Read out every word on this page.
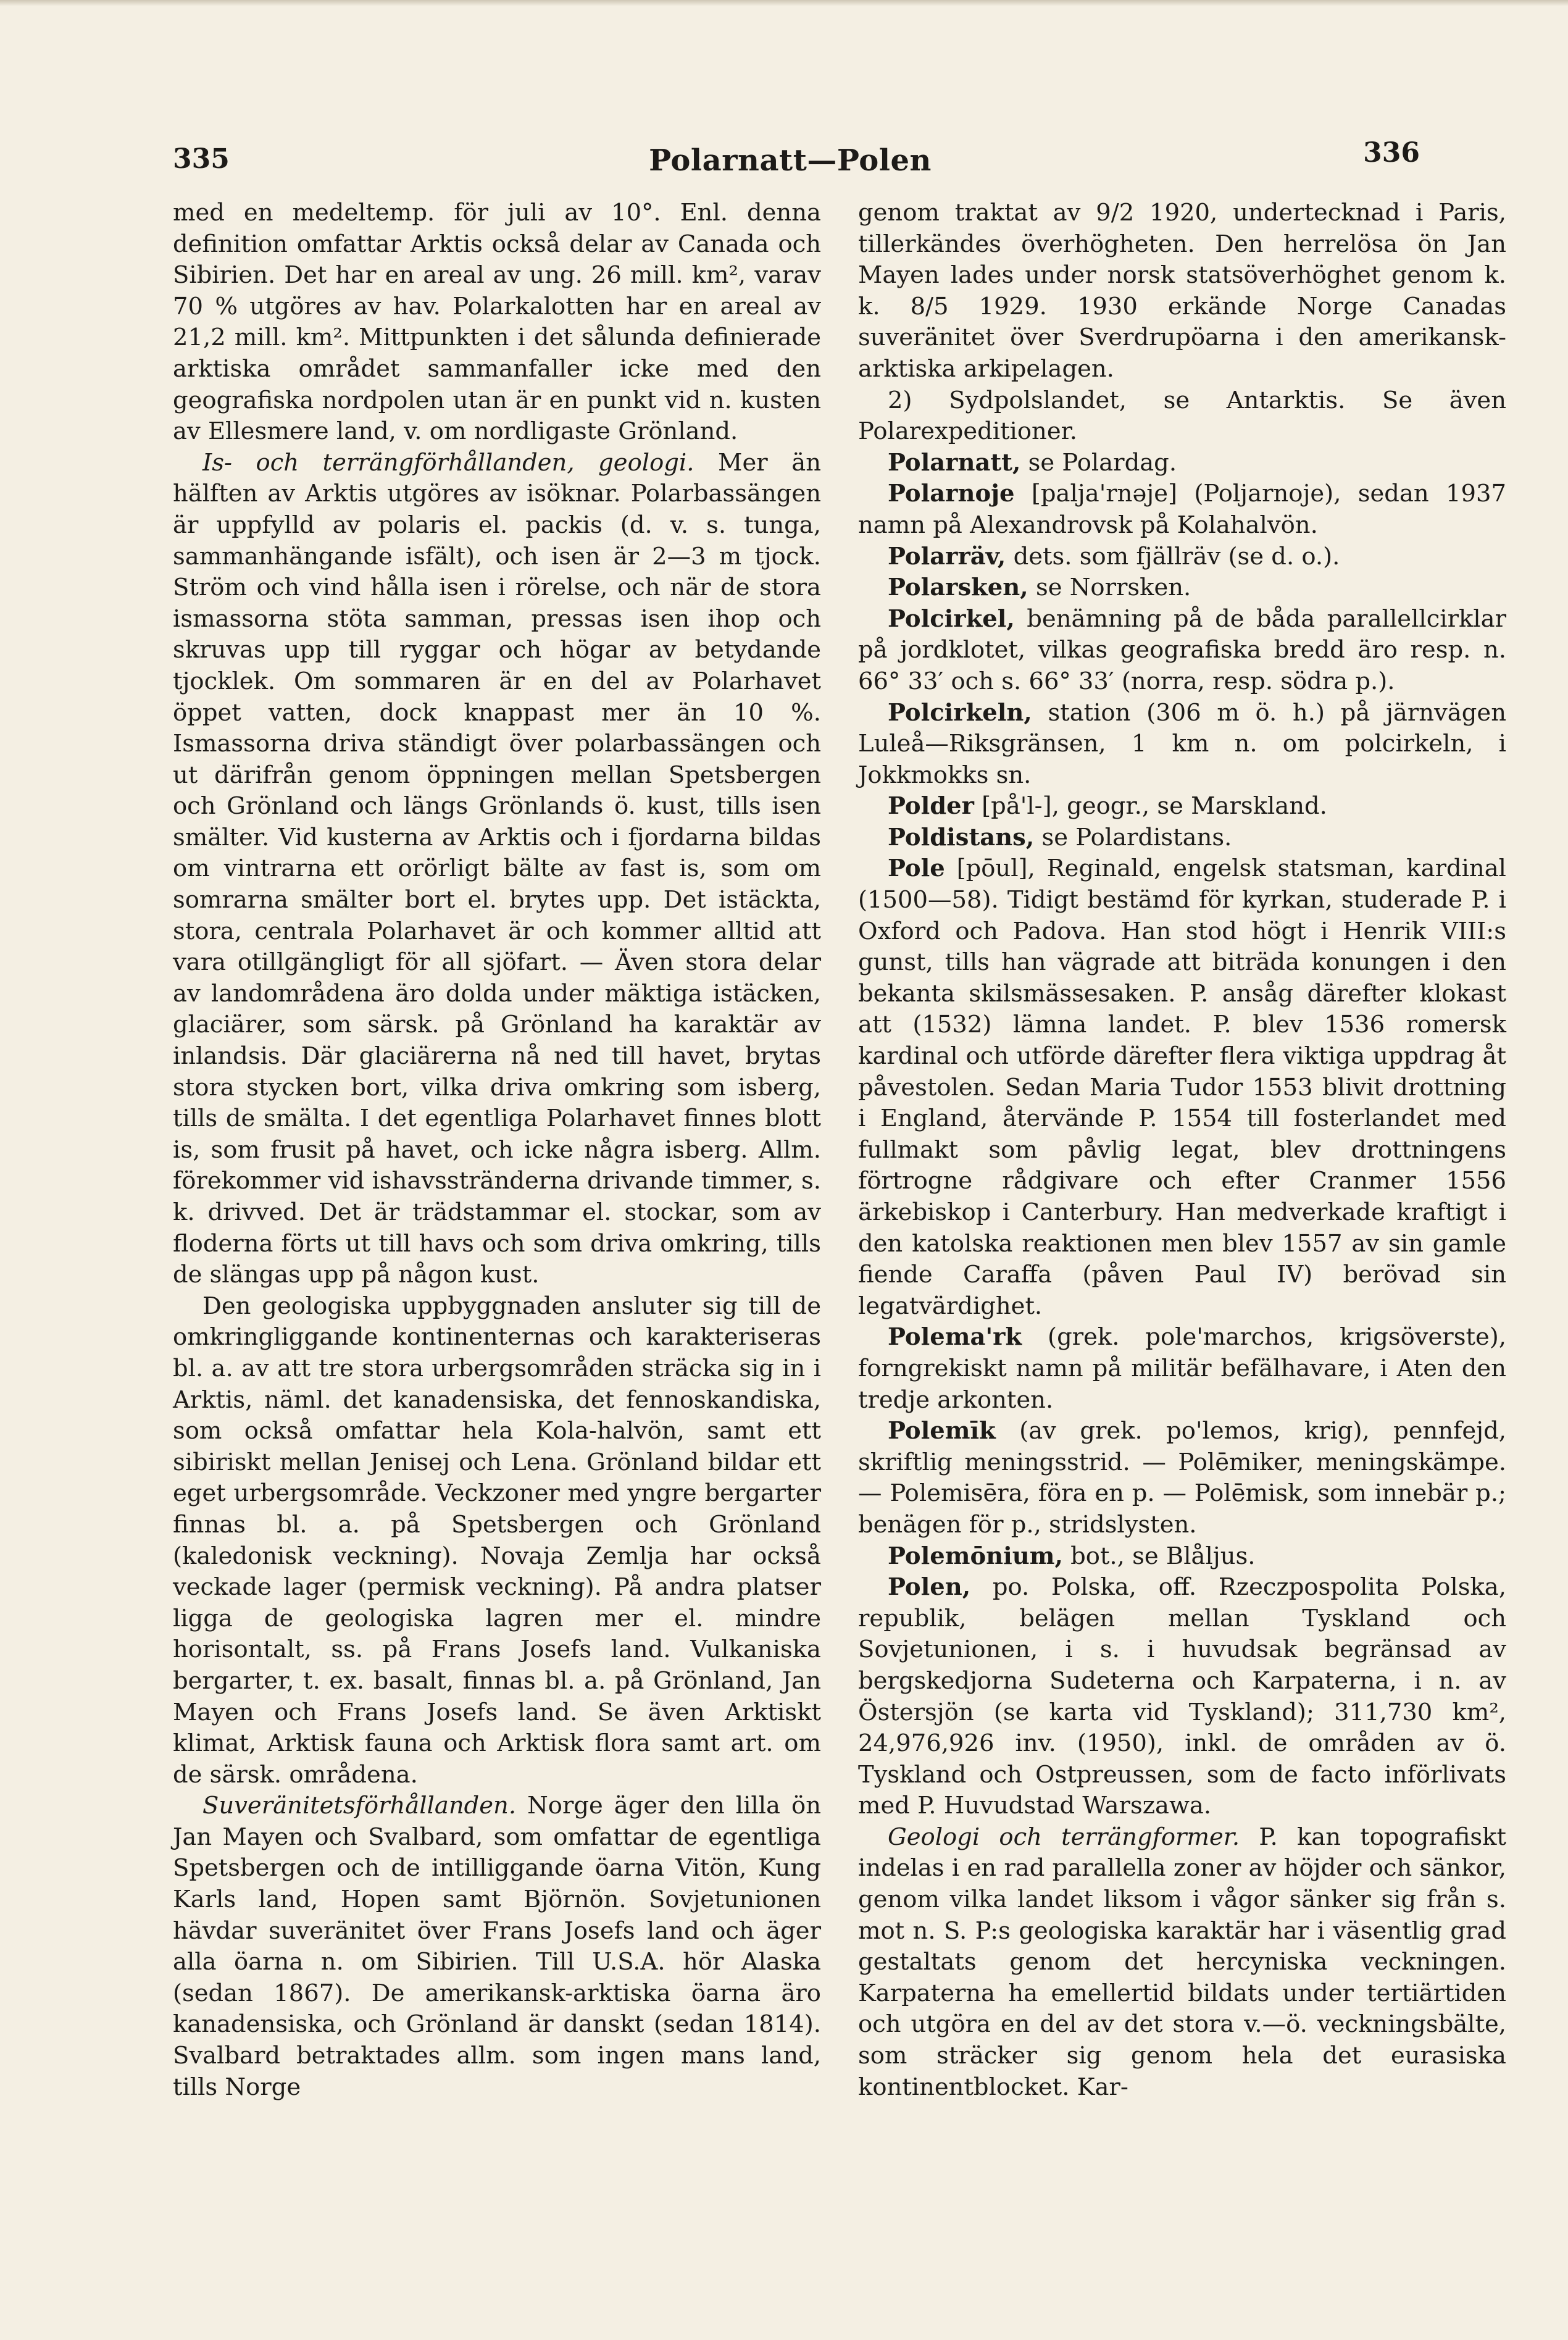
335	Polarnatt—Polen	336

med en medeltemp. för juli av 10°. Enl. denna definition omfattar Arktis också delar av Canada och Sibirien. Det har en areal av ung. 26 mill. km², varav 70 % utgöres av hav. Polarkalotten har en areal av 21,2 mill. km². Mittpunkten i det sålunda definierade arktiska området sammanfaller icke med den geografiska nordpolen utan är en punkt vid n. kusten av Ellesmere land, v. om nordligaste Grönland.

Is- och terrängförhållanden, geologi. Mer än hälften av Arktis utgöres av isöknar. Polarbassängen är uppfylld av polaris el. packis (d. v. s. tunga, sammanhängande isfält), och isen är 2—3 m tjock. Ström och vind hålla isen i rörelse, och när de stora ismassorna stöta samman, pressas isen ihop och skruvas upp till ryggar och högar av betydande tjocklek. Om sommaren är en del av Polarhavet öppet vatten, dock knappast mer än 10 %. Ismassorna driva ständigt över polarbassängen och ut därifrån genom öppningen mellan Spetsbergen och Grönland och längs Grönlands ö. kust, tills isen smälter. Vid kusterna av Arktis och i fjordarna bildas om vintrarna ett orörligt bälte av fast is, som om somrarna smälter bort el. brytes upp. Det istäckta, stora, centrala Polarhavet är och kommer alltid att vara otillgängligt för all sjöfart. — Även stora delar av landområdena äro dolda under mäktiga istäcken, glaciärer, som särsk. på Grönland ha karaktär av inlandsis. Där glaciärerna nå ned till havet, brytas stora stycken bort, vilka driva omkring som isberg, tills de smälta. I det egentliga Polarhavet finnes blott is, som frusit på havet, och icke några isberg. Allm. förekommer vid ishavsstränderna drivande timmer, s. k. drivved. Det är trädstammar el. stockar, som av floderna förts ut till havs och som driva omkring, tills de slängas upp på någon kust.

Den geologiska uppbyggnaden ansluter sig till de omkringliggande kontinenternas och karakteriseras bl. a. av att tre stora urbergsområden sträcka sig in i Arktis, näml. det kanadensiska, det fennoskandiska, som också omfattar hela Kola-halvön, samt ett sibiriskt mellan Jenisej och Lena. Grönland bildar ett eget urbergsområde. Veckzoner med yngre bergarter finnas bl. a. på Spetsbergen och Grönland (kaledonisk veckning). Novaja Zemlja har också veckade lager (permisk veckning). På andra platser ligga de geologiska lagren mer el. mindre horisontalt, ss. på Frans Josefs land. Vulkaniska bergarter, t. ex. basalt, finnas bl. a. på Grönland, Jan Mayen och Frans Josefs land. Se även Arktiskt klimat, Arktisk fauna och Arktisk flora samt art. om de särsk. områdena.

Suveränitetsförhållanden. Norge äger den lilla ön Jan Mayen och Svalbard, som omfattar de egentliga Spetsbergen och de intilliggande öarna Vitön, Kung Karls land, Hopen samt Björnön. Sovjetunionen hävdar suveränitet över Frans Josefs land och äger alla öarna n. om Sibirien. Till U.S.A. hör Alaska (sedan 1867). De amerikansk-arktiska öarna äro kanadensiska, och Grönland är danskt (sedan 1814). Svalbard betraktades allm. som ingen mans land, tills Norge

genom traktat av 9/2 1920, undertecknad i Paris, tillerkändes överhögheten. Den herrelösa ön Jan Mayen lades under norsk statsöverhöghet genom k. k. 8/5 1929. 1930 erkände Norge Canadas suveränitet över Sverdrupöarna i den amerikansk-arktiska arkipelagen.

2) Sydpolslandet, se Antarktis. Se även Polarexpeditioner.

Polarnatt, se Polardag.

Polarnoje [palja'rnəje] (Poljarnoje), sedan 1937 namn på Alexandrovsk på Kolahalvön.

Polarräv, dets. som fjällräv (se d. o.).

Polarsken, se Norrsken.

Polcirkel, benämning på de båda parallellcirklar på jordklotet, vilkas geografiska bredd äro resp. n. 66° 33′ och s. 66° 33′ (norra, resp. södra p.).

Polcirkeln, station (306 m ö. h.) på järnvägen Luleå—Riksgränsen, 1 km n. om polcirkeln, i Jokkmokks sn.

Polder [på'l-], geogr., se Marskland.

Poldistans, se Polardistans.

Pole [pōul], Reginald, engelsk statsman, kardinal (1500—58). Tidigt bestämd för kyrkan, studerade P. i Oxford och Padova. Han stod högt i Henrik VIII:s gunst, tills han vägrade att biträda konungen i den bekanta skilsmässesaken. P. ansåg därefter klokast att (1532) lämna landet. P. blev 1536 romersk kardinal och utförde därefter flera viktiga uppdrag åt påvestolen. Sedan Maria Tudor 1553 blivit drottning i England, återvände P. 1554 till fosterlandet med fullmakt som påvlig legat, blev drottningens förtrogne rådgivare och efter Cranmer 1556 ärkebiskop i Canterbury. Han medverkade kraftigt i den katolska reaktionen men blev 1557 av sin gamle fiende Caraffa (påven Paul IV) berövad sin legatvärdighet.

Polema'rk (grek. pole'marchos, krigsöverste), forngrekiskt namn på militär befälhavare, i Aten den tredje arkonten.

Polemīk (av grek. po'lemos, krig), pennfejd, skriftlig meningsstrid. — Polēmiker, meningskämpe. — Polemisēra, föra en p. — Polēmisk, som innebär p.; benägen för p., stridslysten.

Polemōnium, bot., se Blåljus.

Polen, po. Polska, off. Rzeczpospolita Polska, republik, belägen mellan Tyskland och Sovjetunionen, i s. i huvudsak begränsad av bergskedjorna Sudeterna och Karpaterna, i n. av Östersjön (se karta vid Tyskland); 311,730 km², 24,976,926 inv. (1950), inkl. de områden av ö. Tyskland och Ostpreussen, som de facto införlivats med P. Huvudstad Warszawa.

Geologi och terrängformer. P. kan topografiskt indelas i en rad parallella zoner av höjder och sänkor, genom vilka landet liksom i vågor sänker sig från s. mot n. S. P:s geologiska karaktär har i väsentlig grad gestaltats genom det hercyniska veckningen. Karpaterna ha emellertid bildats under tertiärtiden och utgöra en del av det stora v.—ö. veckningsbälte, som sträcker sig genom hela det eurasiska kontinentblocket. Kar-
